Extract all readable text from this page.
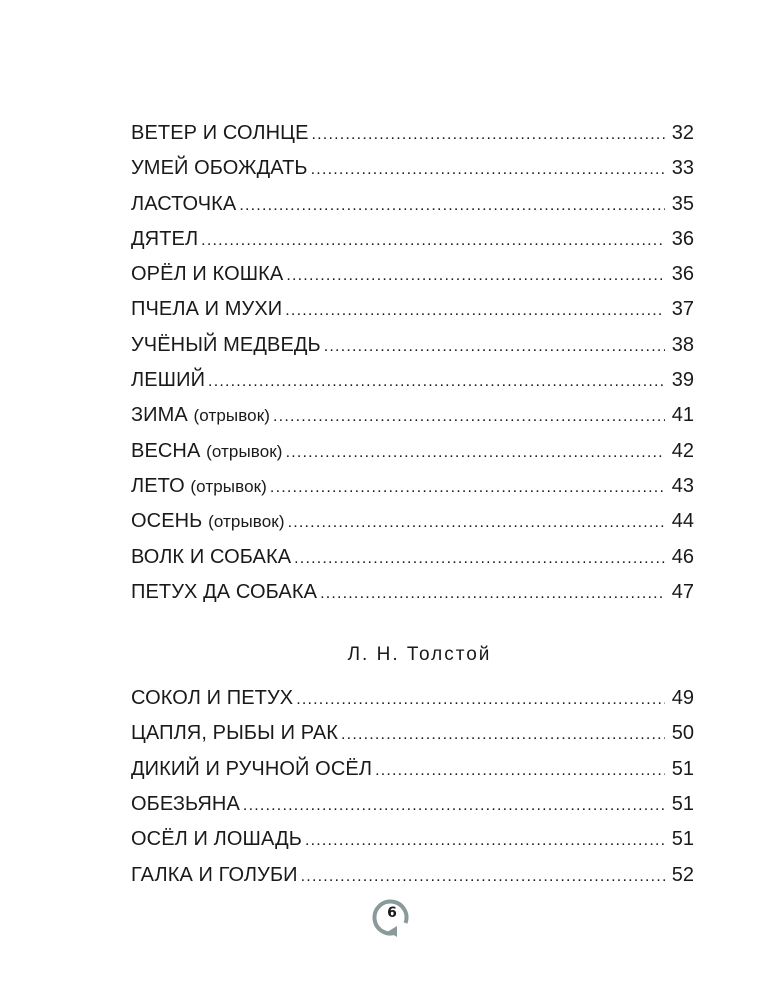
ВЕТЕР И СОЛНЦЕ .....	32
УМЕЙ ОБОЖДАТЬ .....	33
ЛАСТОЧКА .....	35
ДЯТЕЛ .....	36
ОРЁЛ И КОШКА .....	36
ПЧЕЛА И МУХИ .....	37
УЧЁНЫЙ МЕДВЕДЬ .....	38
ЛЕШИЙ .....	39
ЗИМА (отрывок) .....	41
ВЕСНА (отрывок) .....	42
ЛЕТО (отрывок) .....	43
ОСЕНЬ (отрывок) .....	44
ВОЛК И СОБАКА .....	46
ПЕТУХ ДА СОБАКА .....	47
Л. Н. Толстой
СОКОЛ И ПЕТУХ .....	49
ЦАПЛЯ, РЫБЫ И РАК .....	50
ДИКИЙ И РУЧНОЙ ОСЁЛ .....	51
ОБЕЗЬЯНА .....	51
ОСЁЛ И ЛОШАДЬ .....	51
ГАЛКА И ГОЛУБИ .....	52
6
